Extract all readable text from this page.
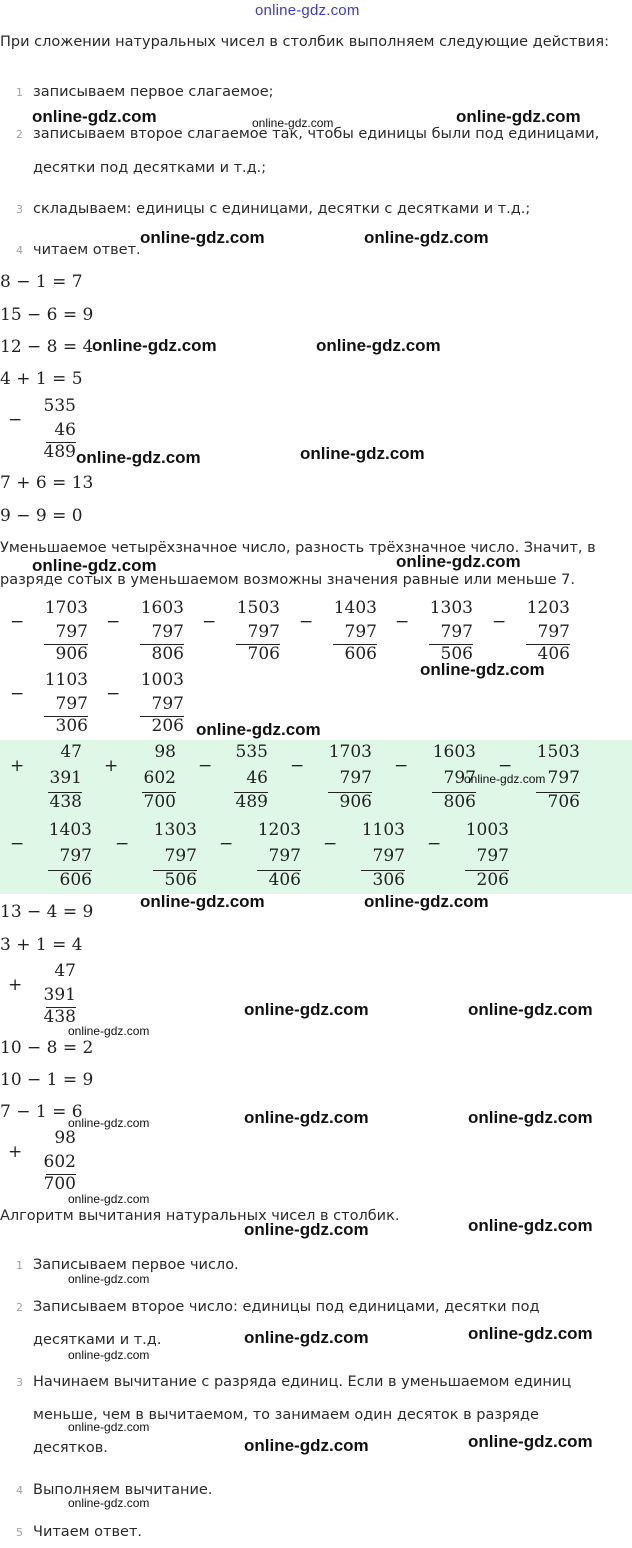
online-gdz.com
При сложении натуральных чисел в столбик выполняем следующие действия:
1 записываем первое слагаемое;
2 записываем второе слагаемое так, чтобы единицы были под единицами,
десятки под десятками и т.д.;
3 складываем: единицы с единицами, десятки с десятками и т.д.;
4 читаем ответ.
8 − 1 = 7
15 − 6 = 9
12 − 8 = 4
4 + 1 = 5
−
535
46
489
7 + 6 = 13
9 − 9 = 0
Уменьшаемое четырёхзначное число, разность трёхзначное число. Значит, в
разряде сотых в уменьшаемом возможны значения равные или меньше 7.
−
1703
797
906
−
1603
797
806
−
1503
797
706
−
1403
797
606
−
1303
797
506
−
1203
797
406
−
1103
797
306
−
1003
797
206
+
47
391
438
+
98
602
700
−
535
46
489
−
1703
797
906
−
1603
797
806
−
1503
797
706
−
1403
797
606
−
1303
797
506
−
1203
797
406
−
1103
797
306
−
1003
797
206
13 − 4 = 9
3 + 1 = 4
+
47
391
438
10 − 8 = 2
10 − 1 = 9
7 − 1 = 6
+
98
602
700
Алгоритм вычитания натуральных чисел в столбик.
1 Записываем первое число.
2 Записываем второе число: единицы под единицами, десятки под
десятками и т.д.
3 Начинаем вычитание с разряда единиц. Если в уменьшаемом единиц
меньше, чем в вычитаемом, то занимаем один десяток в разряде
десятков.
4 Выполняем вычитание.
5 Читаем ответ.
online-gdz.com
online-gdz.com	online-gdz.com
online-gdz.com	online-gdz.com
online-gdz.com	online-gdz.com
online-gdz.com	online-gdz.com
online-gdz.com	online-gdz.com
online-gdz.com
online-gdz.com
online-gdz.com
online-gdz.com	online-gdz.com
online-gdz.com	online-gdz.com
online-gdz.com
online-gdz.com	online-gdz.com
online-gdz.com
online-gdz.com
online-gdz.com	online-gdz.com
online-gdz.com
online-gdz.com	online-gdz.com
online-gdz.com
online-gdz.com
online-gdz.com	online-gdz.com
online-gdz.com
